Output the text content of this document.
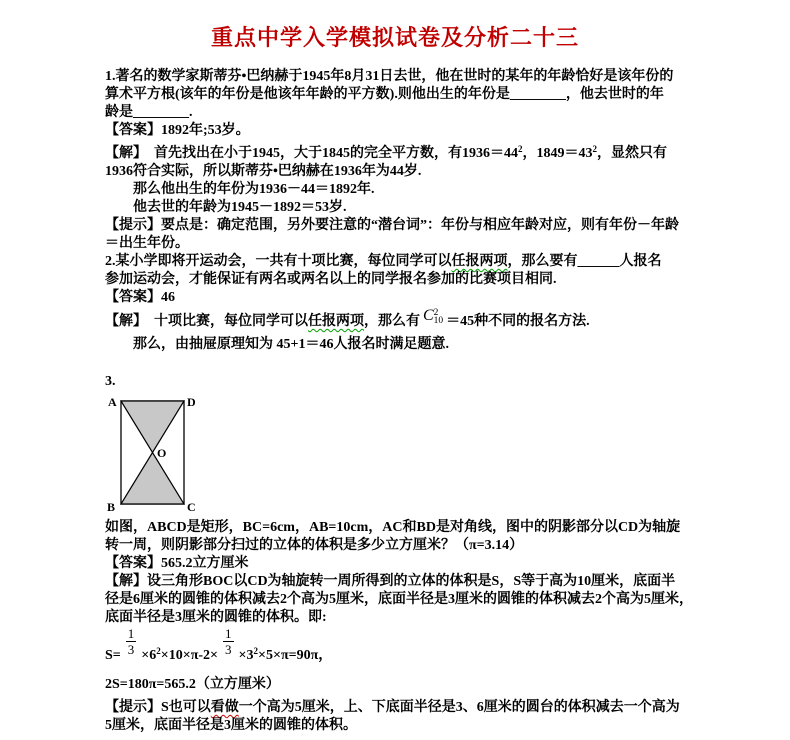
重点中学入学模拟试卷及分析二十三
1.著名的数学家斯蒂芬•巴纳赫于1945年8月31日去世，他在世时的某年的年龄恰好是该年份的
算术平方根(该年的年份是他该年年龄的平方数).则他出生的年份是________，他去世时的年
龄是________.
【答案】1892年;53岁。
【解】　首先找出在小于1945，大于1845的完全平方数，有$1936=44^2$，$1849=43^2$，显然只有
1936符合实际，所以斯蒂芬•巴纳赫在1936年为44岁.
　　那么他出生的年份为1936－44＝1892年.
　　他去世的年龄为1945－1892＝53岁.
【提示】要点是：确定范围，另外要注意的“潜台词”：年份与相应年龄对应，则有年份－年龄
＝出生年份。
2.某小学即将开运动会，一共有十项比赛，每位同学可以任报两项，那么要有______人报名
参加运动会，才能保证有两名或两名以上的同学报名参加的比赛项目相同.
【答案】46
【解】　十项比赛，每位同学可以任报两项，那么有 C 2
10 ＝45种不同的报名方法.
　　那么，由抽屉原理知为 45+1＝46人报名时满足题意.
3.
A	D
B	C
O
如图，ABCD是矩形，BC=6cm，AB=10cm，AC和BD是对角线，图中的阴影部分以CD为轴旋
转一周，则阴影部分扫过的立体的体积是多少立方厘米？（π=3.14）
【答案】565.2立方厘米
【解】设三角形BOC以CD为轴旋转一周所得到的立体的体积是S，S等于高为10厘米，底面半
径是6厘米的圆锥的体积减去2个高为5厘米，底面半径是3厘米的圆锥的体积减去2个高为5厘米，
底面半径是3厘米的圆锥的体积。即:
$S= \frac{1}{3} \times 6^2\times 10\times\pi-2\times \frac{1}{3} \times 3^2\times 5\times\pi=90\pi$，
2S=180π=565.2（立方厘米）
【提示】S也可以看做一个高为5厘米，上、下底面半径是3、6厘米的圆台的体积减去一个高为
5厘米，底面半径是3厘米的圆锥的体积。
